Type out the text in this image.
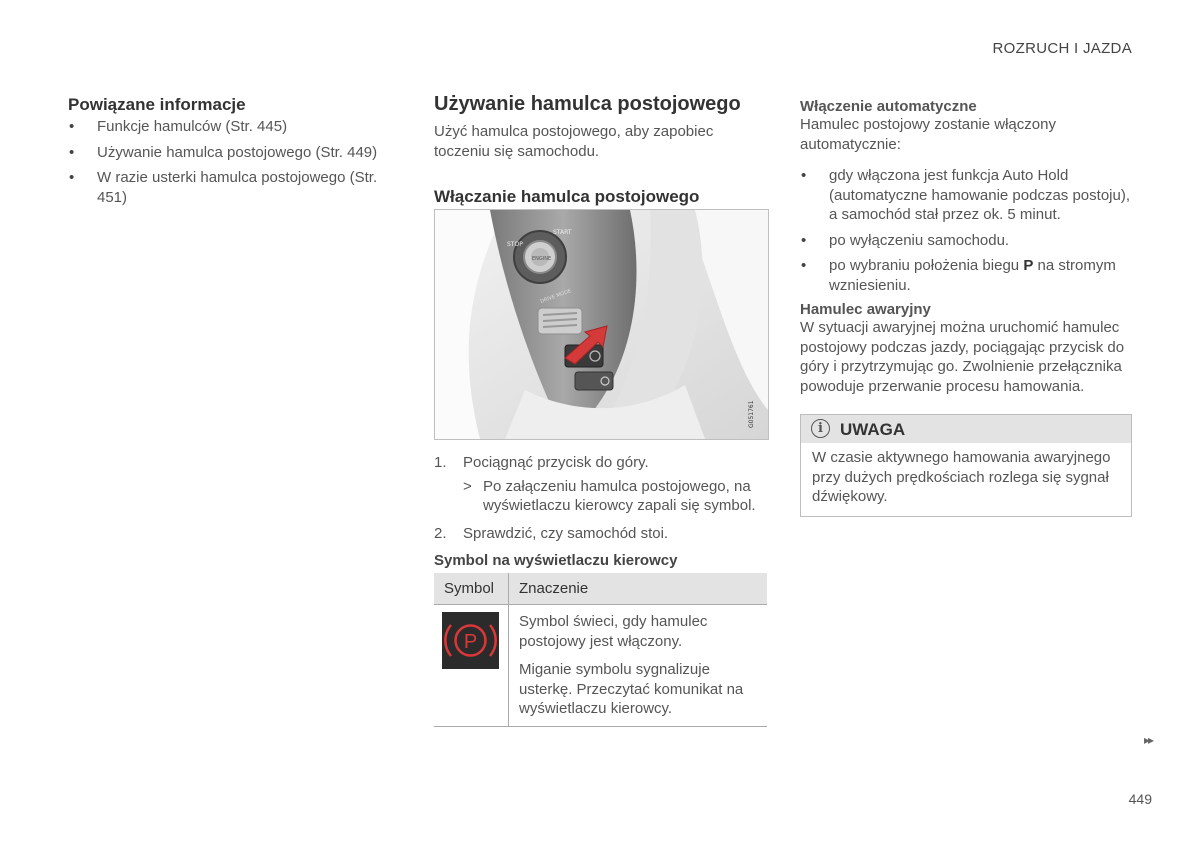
ROZRUCH I JAZDA
Powiązane informacje
• Funkcje hamulców (Str. 445)
• Używanie hamulca postojowego (Str. 449)
• W razie usterki hamulca postojowego (Str. 451)
Używanie hamulca postojowego

Użyć hamulca postojowego, aby zapobiec toczeniu się samochodu.

Włączanie hamulca postojowego
STOP
START
ENGINE
DRIVE MODE
G051761
1. Pociągnąć przycisk do góry.
> Po załączeniu hamulca postojowego, na wyświetlaczu kierowcy zapali się symbol.
2. Sprawdzić, czy samochód stoi.
Symbol na wyświetlaczu kierowcy
Symbol	Znaczenie

P	Symbol świeci, gdy hamulec postojowy jest włączony.
Miganie symbolu sygnalizuje usterkę. Przeczytać komunikat na wyświetlaczu kierowcy.
Włączenie automatyczne

Hamulec postojowy zostanie włączony automatycznie:

• gdy włączona jest funkcja Auto Hold (automatyczne hamowanie podczas postoju), a samochód stał przez ok. 5 minut.
• po wyłączeniu samochodu.
• po wybraniu położenia biegu P na stromym wzniesieniu.
Hamulec awaryjny

W sytuacji awaryjnej można uruchomić hamulec postojowy podczas jazdy, pociągając przycisk do góry i przytrzymując go. Zwolnienie przełącznika powoduje przerwanie procesu hamowania.

i	UWAGA
W czasie aktywnego hamowania awaryjnego przy dużych prędkościach rozlega się sygnał dźwiękowy.
▸▸
449
